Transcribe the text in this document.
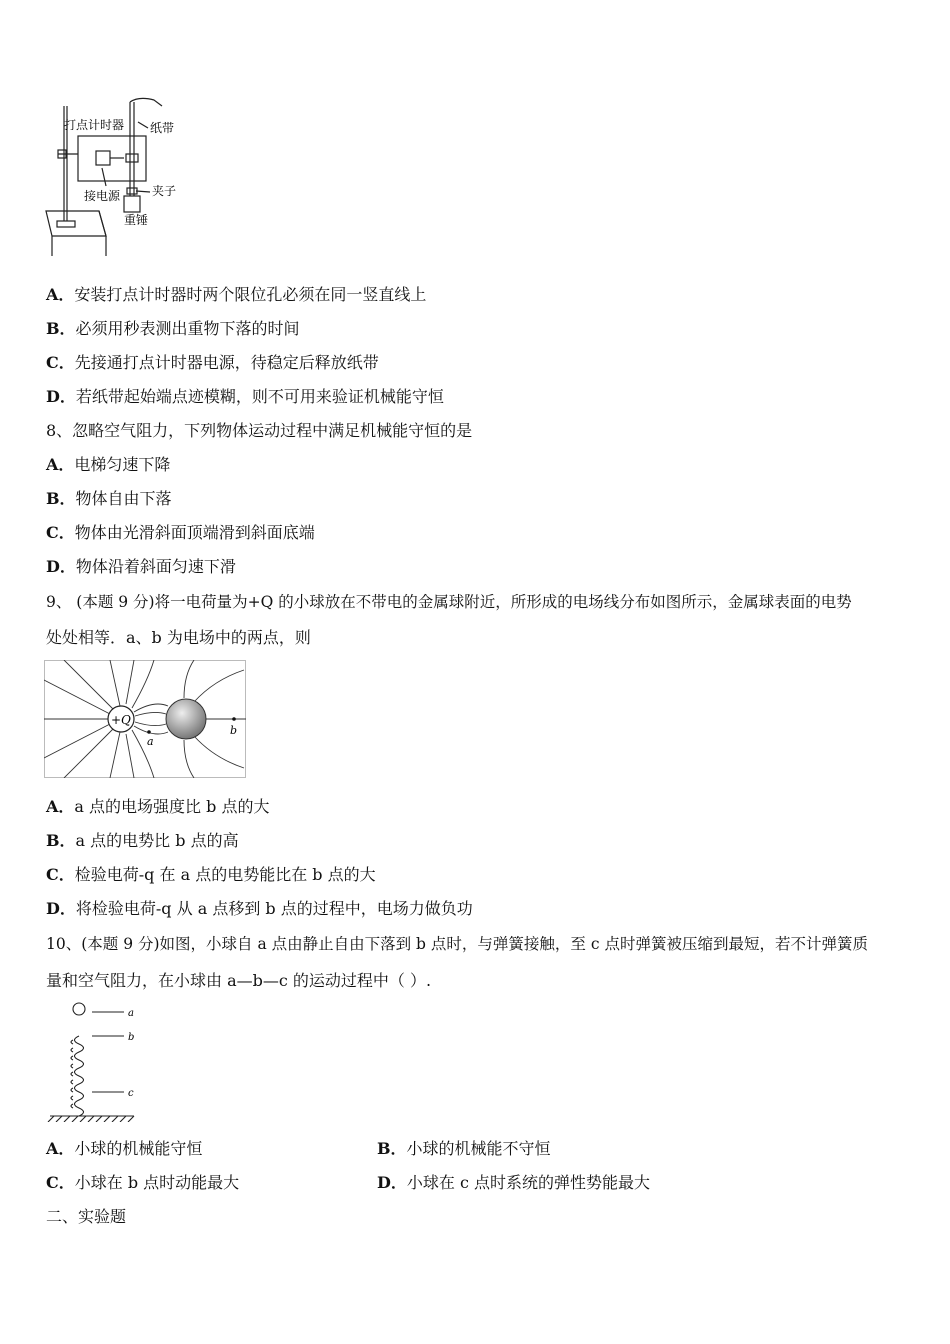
打点计时器 纸带
接电源	夹子
重锤
A．安装打点计时器时两个限位孔必须在同一竖直线上
B．必须用秒表测出重物下落的时间
C．先接通打点计时器电源，待稳定后释放纸带
D．若纸带起始端点迹模糊，则不可用来验证机械能守恒
8、忽略空气阻力，下列物体运动过程中满足机械能守恒的是
A．电梯匀速下降
B．物体自由下落
C．物体由光滑斜面顶端滑到斜面底端
D．物体沿着斜面匀速下滑
9、 (本题 9 分)将一电荷量为+Q 的小球放在不带电的金属球附近，所形成的电场线分布如图所示，金属球表面的电势
处处相等．a、b 为电场中的两点，则
+Q
a
b
A．a 点的电场强度比 b 点的大
B．a 点的电势比 b 点的高
C．检验电荷-q 在 a 点的电势能比在 b 点的大
D．将检验电荷-q 从 a 点移到 b 点的过程中，电场力做负功
10、(本题 9 分)如图，小球自 a 点由静止自由下落到 b 点时，与弹簧接触，至 c 点时弹簧被压缩到最短，若不计弹簧质
量和空气阻力，在小球由 a—b—c 的运动过程中（ ）.
a
b
c
A．小球的机械能守恒	B．小球的机械能不守恒
C．小球在 b 点时动能最大	D．小球在 c 点时系统的弹性势能最大
二、实验题
